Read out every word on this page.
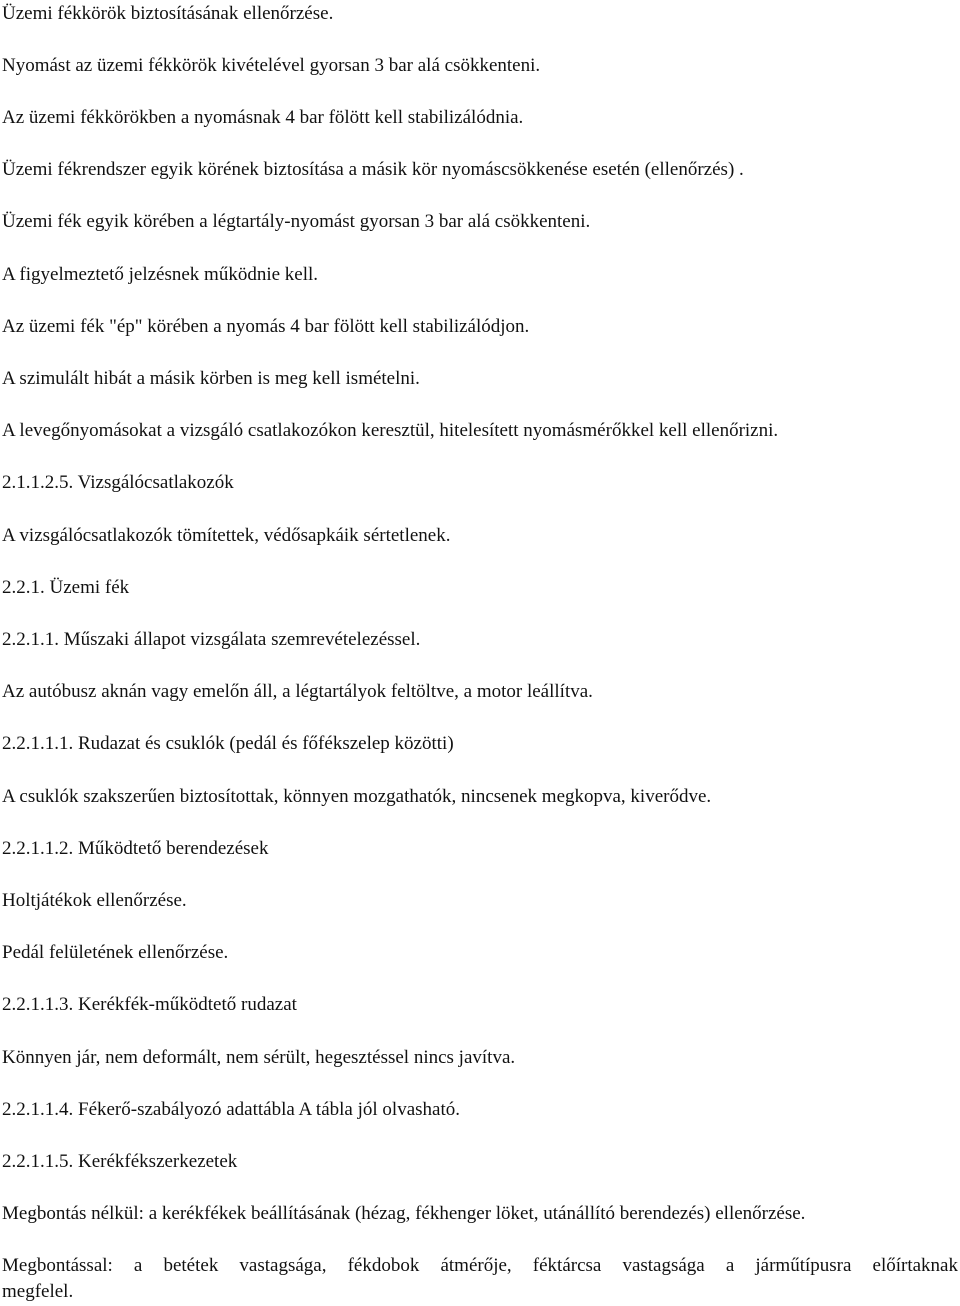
Üzemi fékkörök biztosításának ellenőrzése.
Nyomást az üzemi fékkörök kivételével gyorsan 3 bar alá csökkenteni.
Az üzemi fékkörökben a nyomásnak 4 bar fölött kell stabilizálódnia.
Üzemi fékrendszer egyik körének biztosítása a másik kör nyomáscsökkenése esetén (ellenőrzés) .
Üzemi fék egyik körében a légtartály-nyomást gyorsan 3 bar alá csökkenteni.
A figyelmeztető jelzésnek működnie kell.
Az üzemi fék "ép" körében a nyomás 4 bar fölött kell stabilizálódjon.
A szimulált hibát a másik körben is meg kell ismételni.
A levegőnyomásokat a vizsgáló csatlakozókon keresztül, hitelesített nyomásmérőkkel kell ellenőrizni.
2.1.1.2.5. Vizsgálócsatlakozók
A vizsgálócsatlakozók tömítettek, védősapkáik sértetlenek.
2.2.1. Üzemi fék
2.2.1.1. Műszaki állapot vizsgálata szemrevételezéssel.
Az autóbusz aknán vagy emelőn áll, a légtartályok feltöltve, a motor leállítva.
2.2.1.1.1. Rudazat és csuklók (pedál és főfékszelep közötti)
A csuklók szakszerűen biztosítottak, könnyen mozgathatók, nincsenek megkopva, kiverődve.
2.2.1.1.2. Működtető berendezések
Holtjátékok ellenőrzése.
Pedál felületének ellenőrzése.
2.2.1.1.3. Kerékfék-működtető rudazat
Könnyen jár, nem deformált, nem sérült, hegesztéssel nincs javítva.
2.2.1.1.4. Fékerő-szabályozó adattábla A tábla jól olvasható.
2.2.1.1.5. Kerékfékszerkezetek
Megbontás nélkül: a kerékfékek beállításának (hézag, fékhenger löket, utánállító berendezés) ellenőrzése.
Megbontással: a betétek vastagsága, fékdobok átmérője, féktárcsa vastagsága a járműtípusra előírtaknak
megfelel.
